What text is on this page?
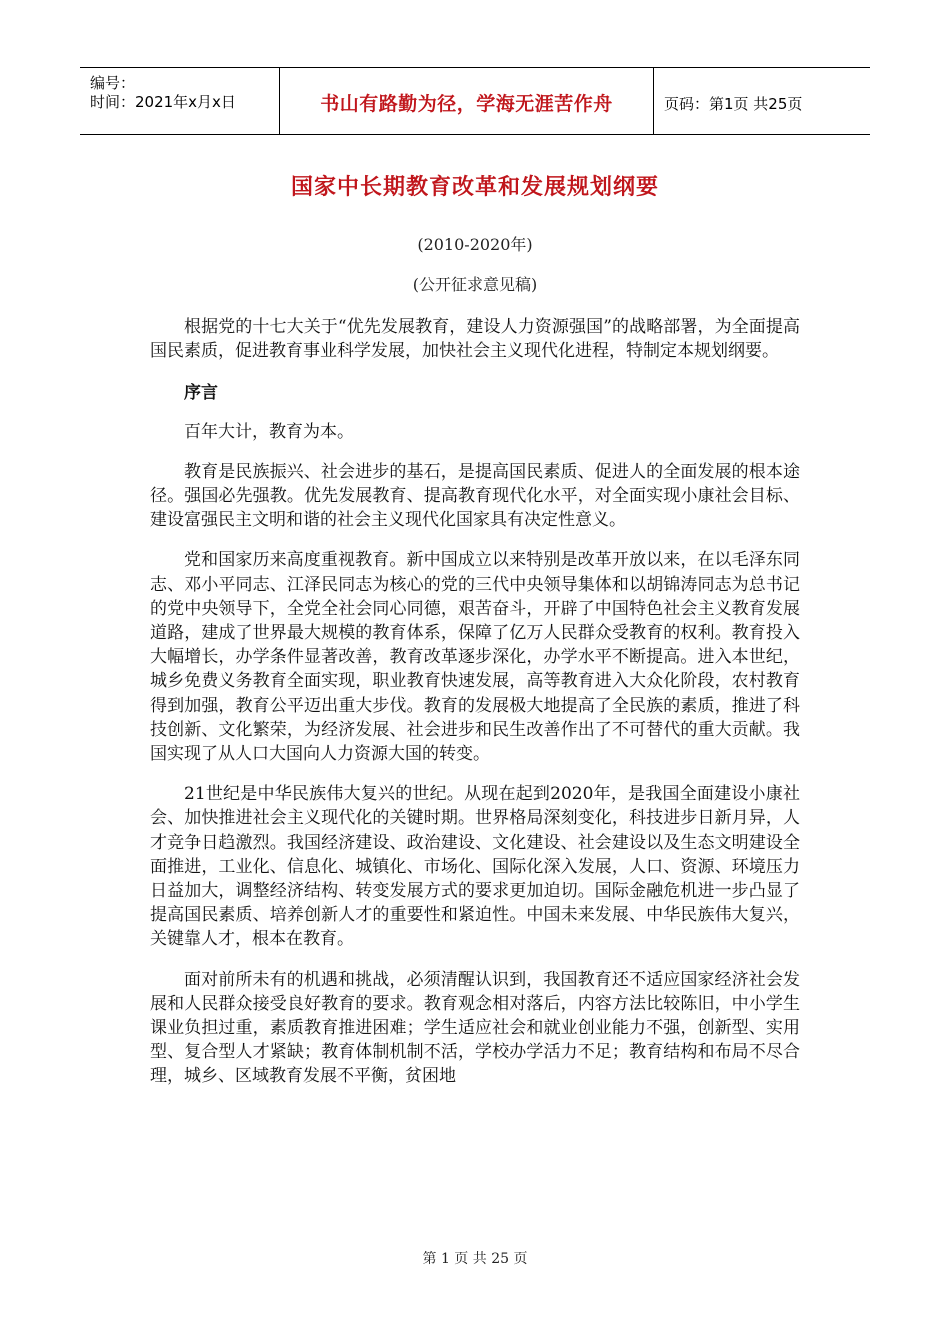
编号：
时间：2021年x月x日	书山有路勤为径，学海无涯苦作舟	页码：第1页 共25页
国家中长期教育改革和发展规划纲要
(2010-2020年)
(公开征求意见稿)

根据党的十七大关于“优先发展教育，建设人力资源强国”的战略部署，为全面提高国民素质，促进教育事业科学发展，加快社会主义现代化进程，特制定本规划纲要。

序言

百年大计，教育为本。

教育是民族振兴、社会进步的基石，是提高国民素质、促进人的全面发展的根本途径。强国必先强教。优先发展教育、提高教育现代化水平，对全面实现小康社会目标、建设富强民主文明和谐的社会主义现代化国家具有决定性意义。

党和国家历来高度重视教育。新中国成立以来特别是改革开放以来，在以毛泽东同志、邓小平同志、江泽民同志为核心的党的三代中央领导集体和以胡锦涛同志为总书记的党中央领导下，全党全社会同心同德，艰苦奋斗，开辟了中国特色社会主义教育发展道路，建成了世界最大规模的教育体系，保障了亿万人民群众受教育的权利。教育投入大幅增长，办学条件显著改善，教育改革逐步深化，办学水平不断提高。进入本世纪，城乡免费义务教育全面实现，职业教育快速发展，高等教育进入大众化阶段，农村教育得到加强，教育公平迈出重大步伐。教育的发展极大地提高了全民族的素质，推进了科技创新、文化繁荣，为经济发展、社会进步和民生改善作出了不可替代的重大贡献。我国实现了从人口大国向人力资源大国的转变。

21世纪是中华民族伟大复兴的世纪。从现在起到2020年，是我国全面建设小康社会、加快推进社会主义现代化的关键时期。世界格局深刻变化，科技进步日新月异，人才竞争日趋激烈。我国经济建设、政治建设、文化建设、社会建设以及生态文明建设全面推进，工业化、信息化、城镇化、市场化、国际化深入发展，人口、资源、环境压力日益加大，调整经济结构、转变发展方式的要求更加迫切。国际金融危机进一步凸显了提高国民素质、培养创新人才的重要性和紧迫性。中国未来发展、中华民族伟大复兴，关键靠人才，根本在教育。

面对前所未有的机遇和挑战，必须清醒认识到，我国教育还不适应国家经济社会发展和人民群众接受良好教育的要求。教育观念相对落后，内容方法比较陈旧，中小学生课业负担过重，素质教育推进困难；学生适应社会和就业创业能力不强，创新型、实用型、复合型人才紧缺；教育体制机制不活，学校办学活力不足；教育结构和布局不尽合理，城乡、区域教育发展不平衡，贫困地

第 1 页 共 25 页
